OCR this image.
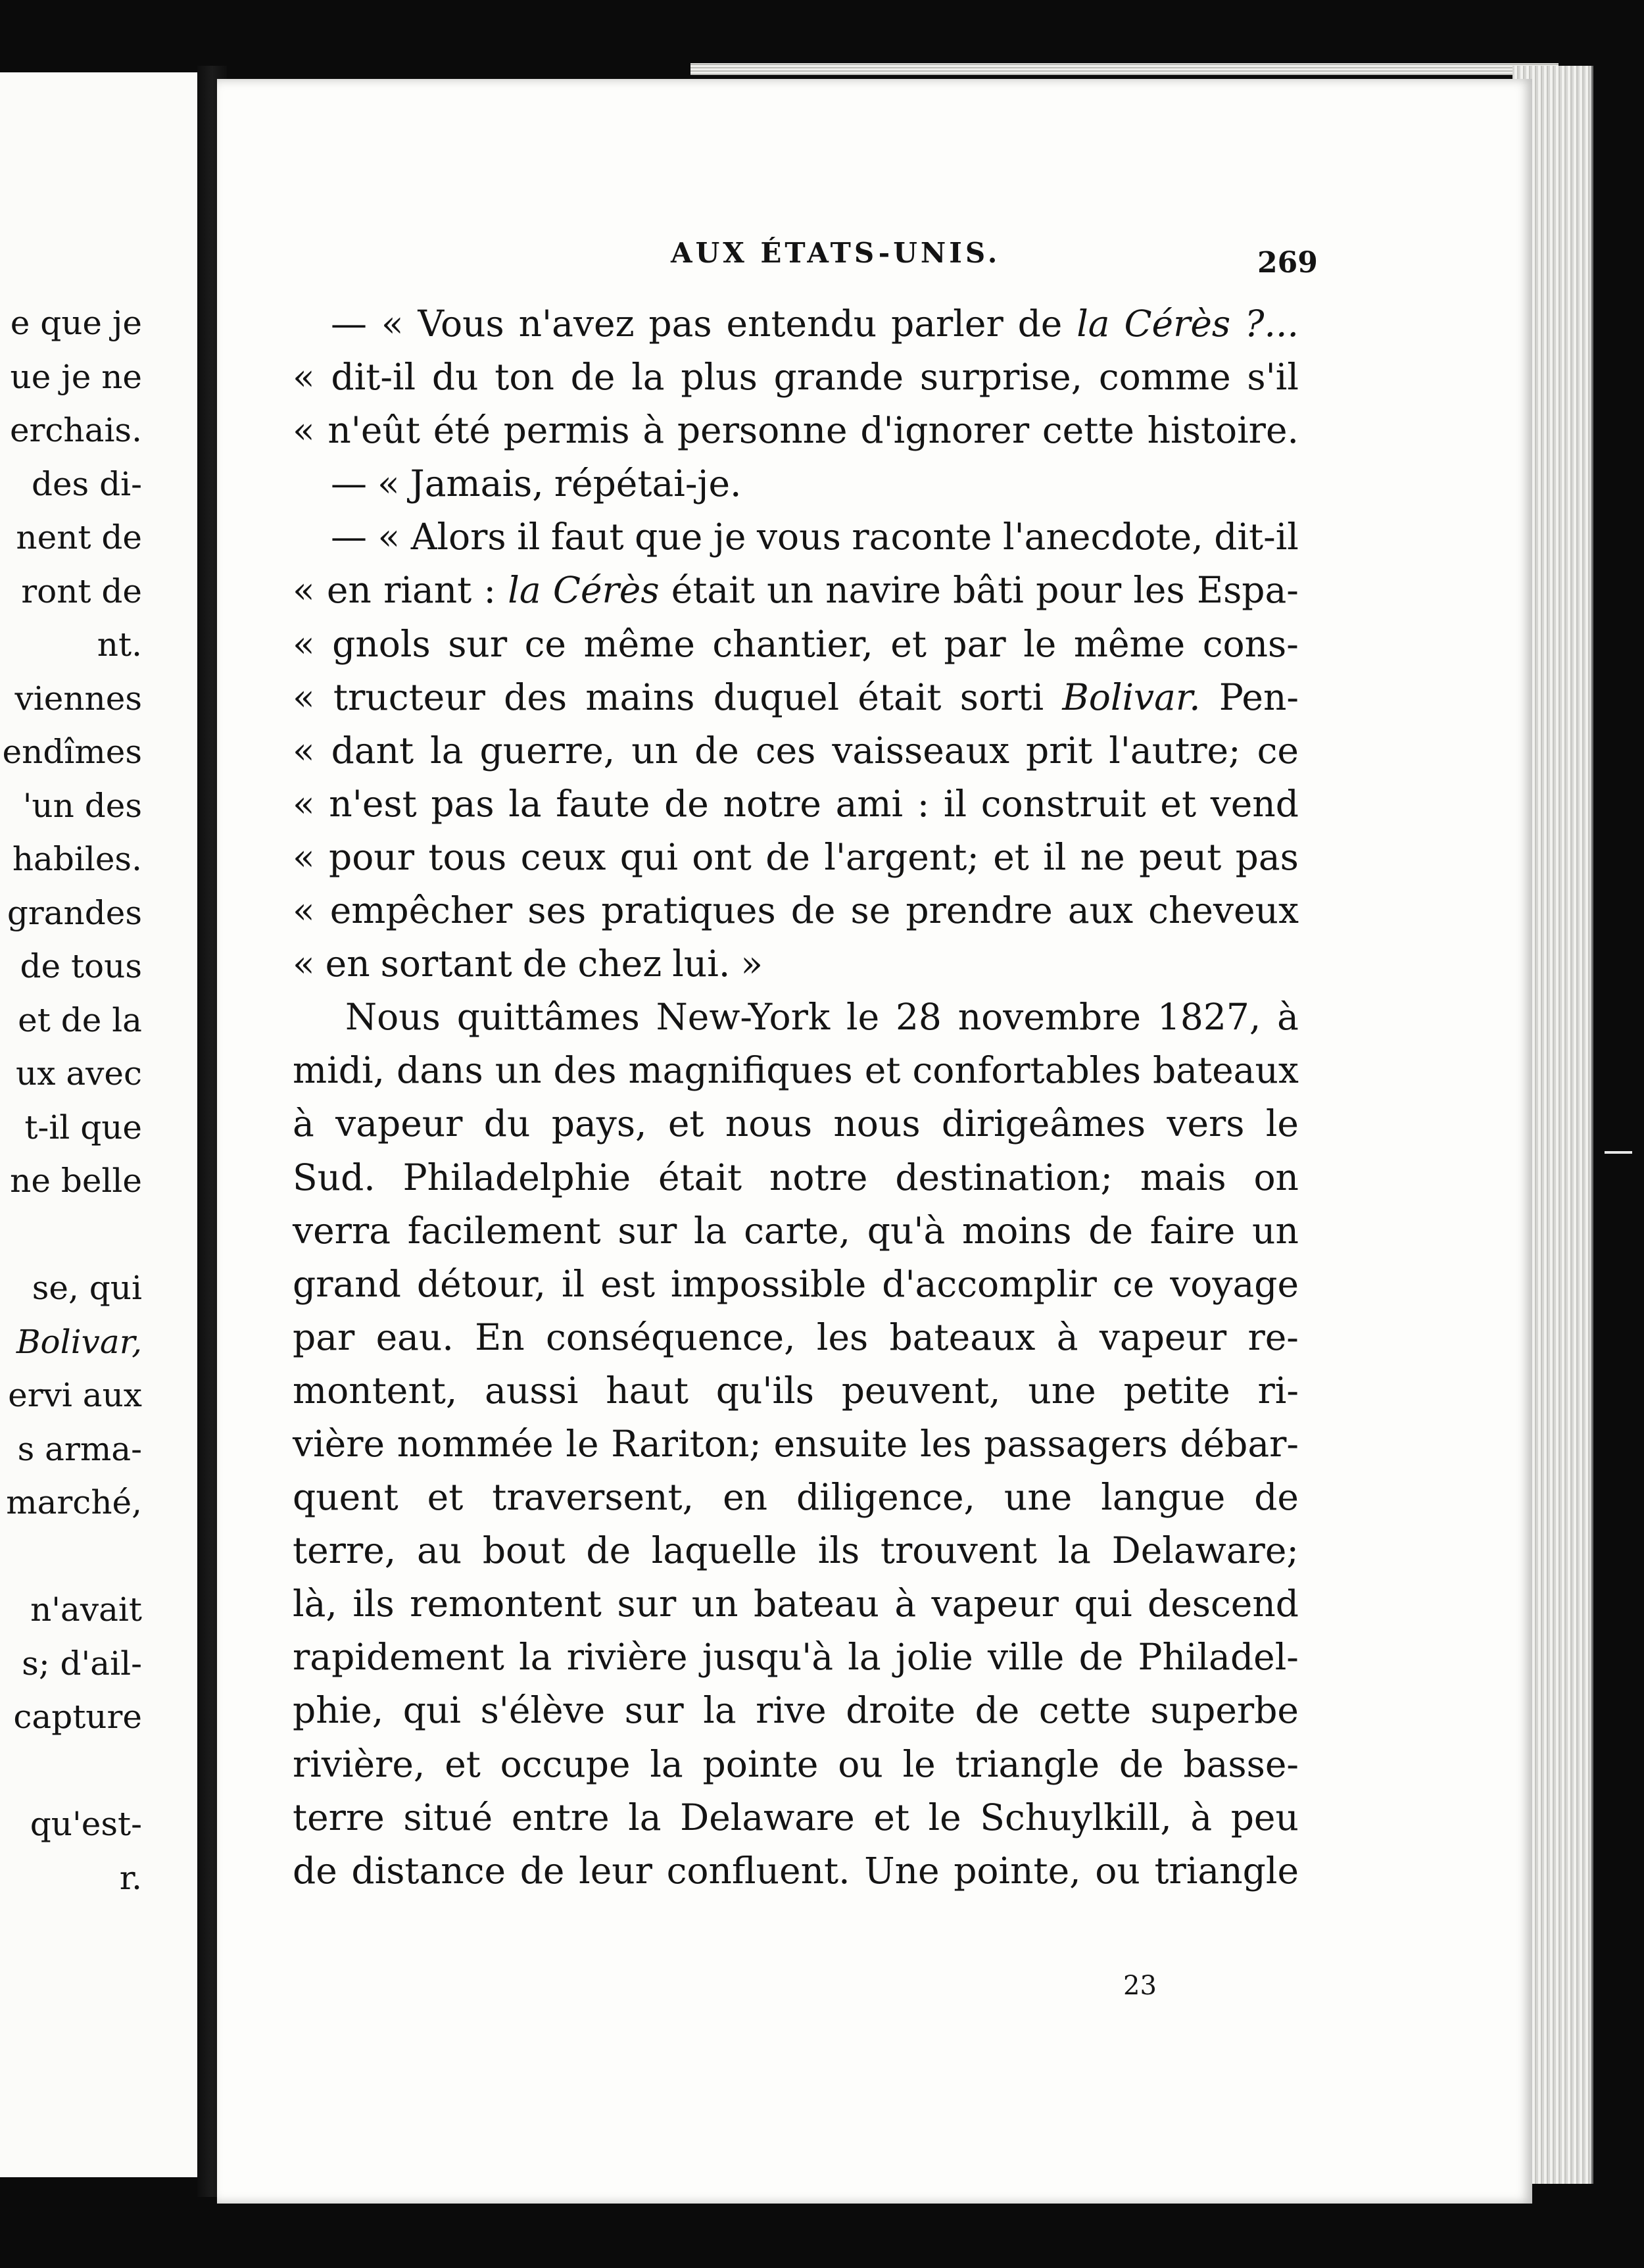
e que je
ue je ne
erchais.
des di-
nent de
ront de
nt.
viennes
endîmes
'un des
habiles.
grandes
de tous
et de la
ux avec
t-il que
ne belle
se, qui
Bolivar,
ervi aux
s arma-
marché,
n'avait
s; d'ail-
capture
qu'est-
r.
AUX ÉTATS-UNIS.	269
— « Vous n'avez pas entendu parler de la Cérès ?...
« dit-il du ton de la plus grande surprise, comme s'il
« n'eût été permis à personne d'ignorer cette histoire.
— « Jamais, répétai-je.
— « Alors il faut que je vous raconte l'anecdote, dit-il
« en riant : la Cérès était un navire bâti pour les Espa-
« gnols sur ce même chantier, et par le même cons-
« tructeur des mains duquel était sorti Bolivar. Pen-
« dant la guerre, un de ces vaisseaux prit l'autre; ce
« n'est pas la faute de notre ami : il construit et vend
« pour tous ceux qui ont de l'argent; et il ne peut pas
« empêcher ses pratiques de se prendre aux cheveux
« en sortant de chez lui. »
Nous quittâmes New-York le 28 novembre 1827, à
midi, dans un des magnifiques et confortables bateaux
à vapeur du pays, et nous nous dirigeâmes vers le
Sud. Philadelphie était notre destination; mais on
verra facilement sur la carte, qu'à moins de faire un
grand détour, il est impossible d'accomplir ce voyage
par eau. En conséquence, les bateaux à vapeur re-
montent, aussi haut qu'ils peuvent, une petite ri-
vière nommée le Rariton; ensuite les passagers débar-
quent et traversent, en diligence, une langue de
terre, au bout de laquelle ils trouvent la Delaware;
là, ils remontent sur un bateau à vapeur qui descend
rapidement la rivière jusqu'à la jolie ville de Philadel-
phie, qui s'élève sur la rive droite de cette superbe
rivière, et occupe la pointe ou le triangle de basse-
terre situé entre la Delaware et le Schuylkill, à peu
de distance de leur confluent. Une pointe, ou triangle
23
